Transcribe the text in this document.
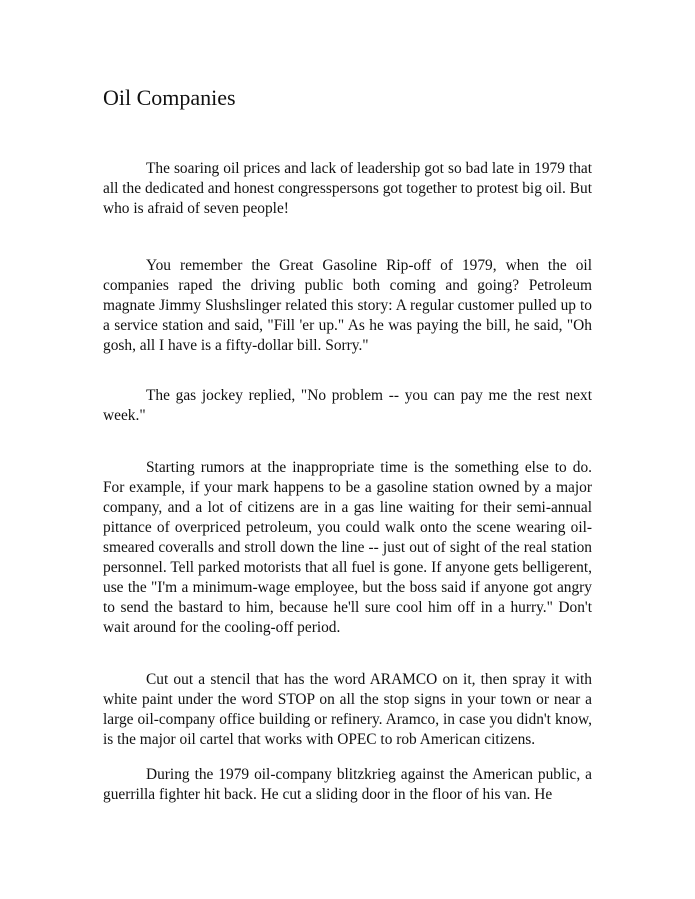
Oil Companies

The soaring oil prices and lack of leadership got so bad late in 1979 that all the dedicated and honest congresspersons got together to protest big oil. But who is afraid of seven people!

You remember the Great Gasoline Rip-off of 1979, when the oil companies raped the driving public both coming and going? Petroleum magnate Jimmy Slushslinger related this story: A regular customer pulled up to a service station and said, "Fill 'er up." As he was paying the bill, he said, "Oh gosh, all I have is a fifty-dollar bill. Sorry."

The gas jockey replied, "No problem -- you can pay me the rest next week."

Starting rumors at the inappropriate time is the something else to do. For example, if your mark happens to be a gasoline station owned by a major company, and a lot of citizens are in a gas line waiting for their semi-annual pittance of overpriced petroleum, you could walk onto the scene wearing oil-smeared coveralls and stroll down the line -- just out of sight of the real station personnel. Tell parked motorists that all fuel is gone. If anyone gets belligerent, use the "I'm a minimum-wage employee, but the boss said if anyone got angry to send the bastard to him, because he'll sure cool him off in a hurry." Don't wait around for the cooling-off period.

Cut out a stencil that has the word ARAMCO on it, then spray it with white paint under the word STOP on all the stop signs in your town or near a large oil-company office building or refinery. Aramco, in case you didn't know, is the major oil cartel that works with OPEC to rob American citizens.

During the 1979 oil-company blitzkrieg against the American public, a guerrilla fighter hit back. He cut a sliding door in the floor of his van. He
